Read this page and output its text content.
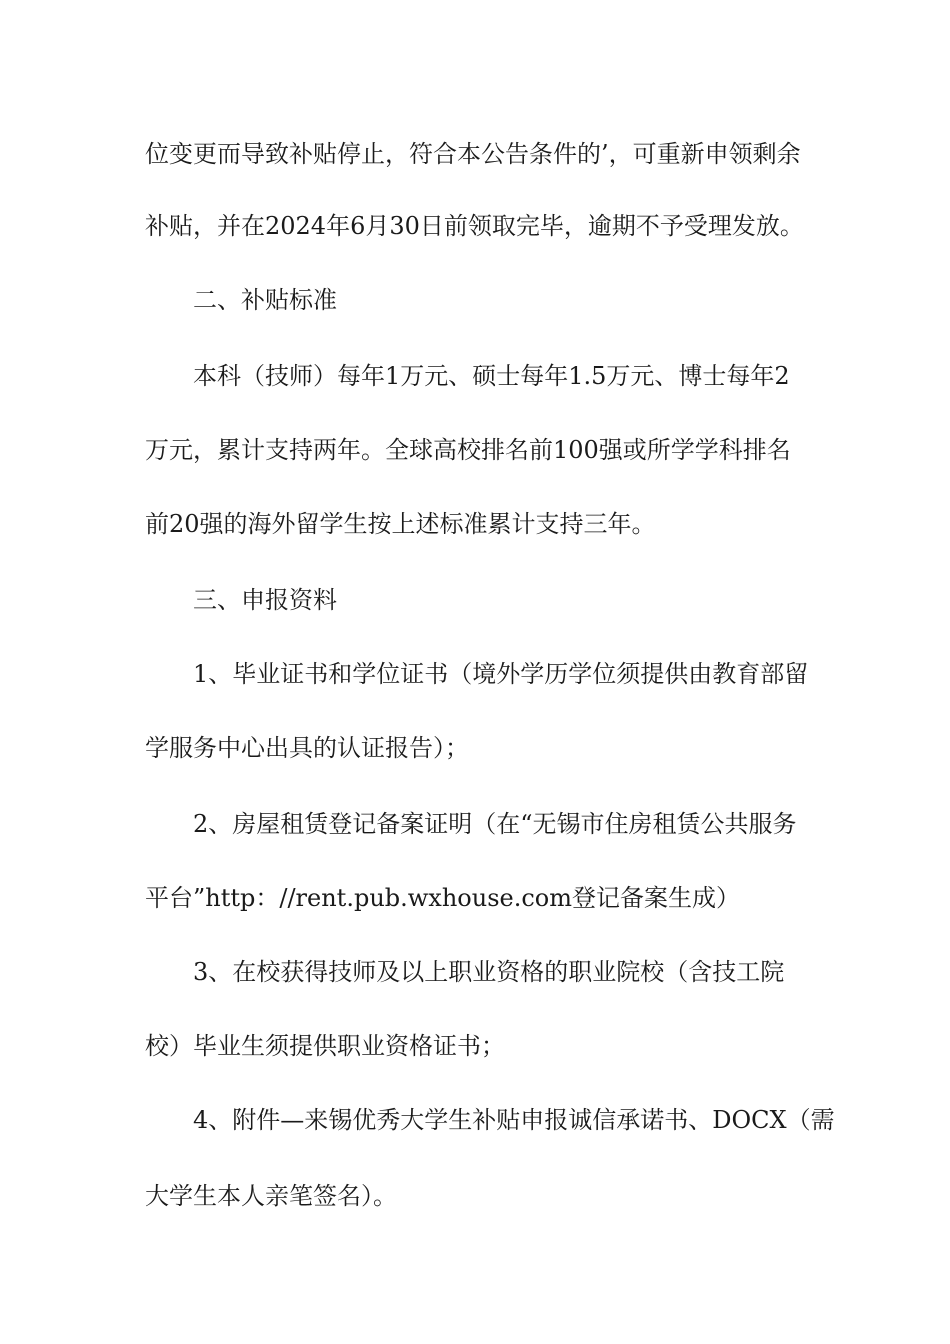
位变更而导致补贴停止，符合本公告条件的’，可重新申领剩余
补贴，并在2024年6月30日前领取完毕，逾期不予受理发放。
二、补贴标准
本科（技师）每年1万元、硕士每年1.5万元、博士每年2
万元，累计支持两年。全球高校排名前100强或所学学科排名
前20强的海外留学生按上述标准累计支持三年。
三、申报资料
1、毕业证书和学位证书（境外学历学位须提供由教育部留
学服务中心出具的认证报告）；
2、房屋租赁登记备案证明（在“无锡市住房租赁公共服务
平台”http：//rent.pub.wxhouse.com登记备案生成）
3、在校获得技师及以上职业资格的职业院校（含技工院
校）毕业生须提供职业资格证书；
4、附件—来锡优秀大学生补贴申报诚信承诺书、DOCX（需
大学生本人亲笔签名）。
